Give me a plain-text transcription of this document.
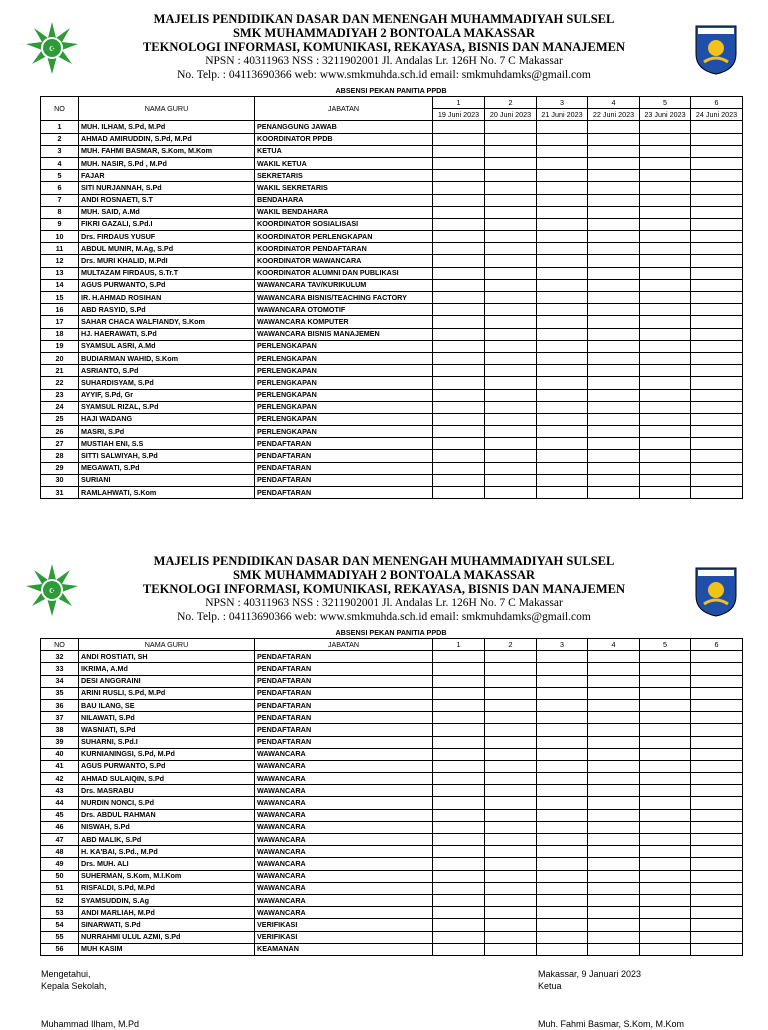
☪
MAJELIS PENDIDIKAN DASAR DAN MENENGAH MUHAMMADIYAH SULSEL
SMK MUHAMMADIYAH 2 BONTOALA MAKASSAR
TEKNOLOGI INFORMASI, KOMUNIKASI, REKAYASA, BISNIS DAN MANAJEMEN
NPSN : 40311963 NSS : 3211902001 Jl. Andalas Lr. 126H No. 7 C Makassar
No. Telp. : 04113690366 web: www.smkmuhda.sch.id email: smkmuhdamks@gmail.com
ABSENSI PEKAN PANITIA PPDB
NO	NAMA GURU	JABATAN	1	2	3	4	5	6
			19 Juni 2023	20 Juni 2023	21 Juni 2023	22 Juni 2023	23 Juni 2023	24 Juni 2023
1	MUH. ILHAM, S.Pd, M.Pd	PENANGGUNG JAWAB						
2	AHMAD AMIRUDDIN, S.Pd, M.Pd	KOORDINATOR PPDB						
3	MUH. FAHMI BASMAR, S.Kom, M.Kom	KETUA						
4	MUH. NASIR, S.Pd , M.Pd	WAKIL KETUA						
5	FAJAR	SEKRETARIS						
6	SITI NURJANNAH, S.Pd	WAKIL SEKRETARIS						
7	ANDI ROSNAETI, S.T	BENDAHARA						
8	MUH. SAID, A.Md	WAKIL BENDAHARA						
9	FIKRI GAZALI, S.Pd.I	KOORDINATOR SOSIALISASI						
10	Drs. FIRDAUS YUSUF	KOORDINATOR PERLENGKAPAN						
11	ABDUL MUNIR, M.Ag, S.Pd	KOORDINATOR PENDAFTARAN						
12	Drs. MURI KHALID, M.PdI	KOORDINATOR WAWANCARA						
13	MULTAZAM FIRDAUS, S.Tr.T	KOORDINATOR ALUMNI DAN PUBLIKASI						
14	AGUS PURWANTO, S.Pd	WAWANCARA TAV/KURIKULUM						
15	IR. H.AHMAD ROSIHAN	WAWANCARA BISNIS/TEACHING FACTORY						
16	ABD RASYID, S.Pd	WAWANCARA OTOMOTIF						
17	SAHAR CHACA WALFIANDY, S.Kom	WAWANCARA KOMPUTER						
18	HJ. HAERAWATI, S.Pd	WAWANCARA BISNIS MANAJEMEN						
19	SYAMSUL ASRI, A.Md	PERLENGKAPAN						
20	BUDIARMAN WAHID, S.Kom	PERLENGKAPAN						
21	ASRIANTO, S.Pd	PERLENGKAPAN						
22	SUHARDISYAM, S.Pd	PERLENGKAPAN						
23	AYYIF, S.Pd, Gr	PERLENGKAPAN						
24	SYAMSUL RIZAL, S.Pd	PERLENGKAPAN						
25	HAJI WADANG	PERLENGKAPAN						
26	MASRI, S.Pd	PERLENGKAPAN						
27	MUSTIAH ENI, S.S	PENDAFTARAN						
28	SITTI SALWIYAH, S.Pd	PENDAFTARAN						
29	MEGAWATI, S.Pd	PENDAFTARAN						
30	SURIANI	PENDAFTARAN						
31	RAMLAHWATI, S.Kom	PENDAFTARAN						
☪
MAJELIS PENDIDIKAN DASAR DAN MENENGAH MUHAMMADIYAH SULSEL
SMK MUHAMMADIYAH 2 BONTOALA MAKASSAR
TEKNOLOGI INFORMASI, KOMUNIKASI, REKAYASA, BISNIS DAN MANAJEMEN
NPSN : 40311963 NSS : 3211902001 Jl. Andalas Lr. 126H No. 7 C Makassar
No. Telp. : 04113690366 web: www.smkmuhda.sch.id email: smkmuhdamks@gmail.com
ABSENSI PEKAN PANITIA PPDB
NO	NAMA GURU	JABATAN	1	2	3	4	5	6
32	ANDI ROSTIATI, SH	PENDAFTARAN						
33	IKRIMA, A.Md	PENDAFTARAN						
34	DESI ANGGRAINI	PENDAFTARAN						
35	ARINI RUSLI, S.Pd, M.Pd	PENDAFTARAN						
36	BAU ILANG, SE	PENDAFTARAN						
37	NILAWATI, S.Pd	PENDAFTARAN						
38	WASNIATI, S.Pd	PENDAFTARAN						
39	SUHARNI, S.Pd.I	PENDAFTARAN						
40	KURNIANINGSI, S.Pd, M.Pd	WAWANCARA						
41	AGUS PURWANTO, S.Pd	WAWANCARA						
42	AHMAD SULAIQIN, S.Pd	WAWANCARA						
43	Drs. MASRABU	WAWANCARA						
44	NURDIN NONCI, S.Pd	WAWANCARA						
45	Drs. ABDUL RAHMAN	WAWANCARA						
46	NISWAH, S.Pd	WAWANCARA						
47	ABD MALIK, S.Pd	WAWANCARA						
48	H. KA'BAI, S.Pd., M.Pd	WAWANCARA						
49	Drs. MUH. ALI	WAWANCARA						
50	SUHERMAN, S.Kom, M.I.Kom	WAWANCARA						
51	RISFALDI, S.Pd, M.Pd	WAWANCARA						
52	SYAMSUDDIN, S.Ag	WAWANCARA						
53	ANDI MARLIAH, M.Pd	WAWANCARA						
54	SINARWATI, S.Pd	VERIFIKASI						
55	NURRAHMI ULUL AZMI, S.Pd	VERIFIKASI						
56	MUH KASIM	KEAMANAN						
Mengetahui,
Kepala Sekolah,
Muhammad Ilham, M.Pd
Makassar, 9 Januari 2023
Ketua
Muh. Fahmi Basmar, S.Kom, M.Kom
